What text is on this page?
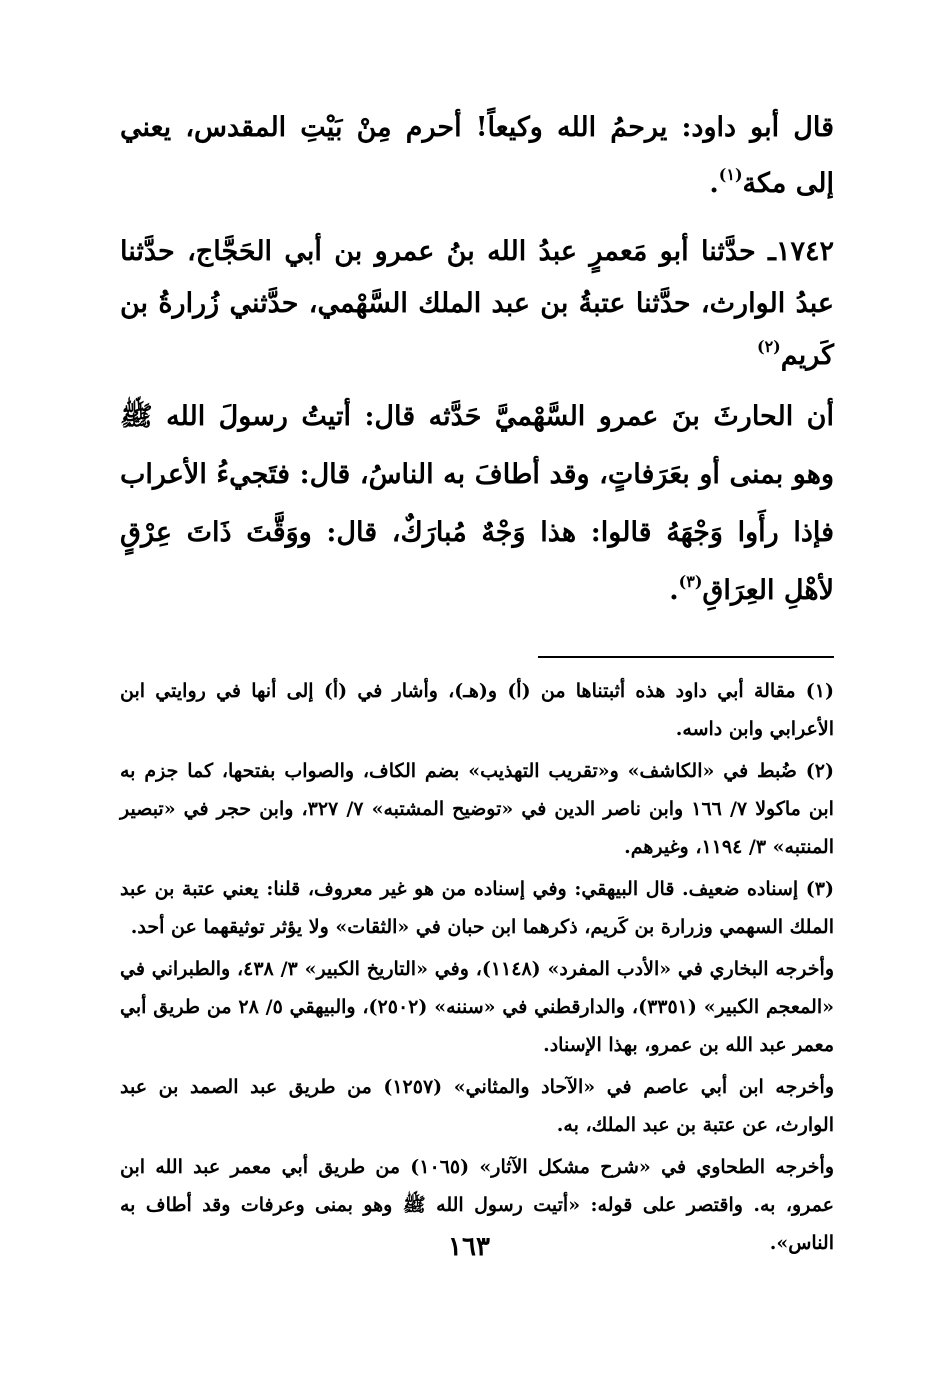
قال أبو داود: يرحمُ الله وكيعاً! أحرم مِنْ بَيْتِ المقدس، يعني إلى مكة$^{(١)}$.

١٧٤٢ـ حدَّثنا أبو مَعمرٍ عبدُ الله بنُ عمرو بن أبي الحَجَّاج، حدَّثنا عبدُ الوارث، حدَّثنا عتبةُ بن عبد الملك السَّهْمي، حدَّثني زُرارةُ بن كَريم$^{(٢)}$

أن الحارثَ بنَ عمرو السَّهْميَّ حَدَّثه قال: أتيتُ رسولَ الله ﷺ وهو بمنى أو بعَرَفاتٍ، وقد أطافَ به الناسُ، قال: فتَجيءُ الأعراب فإذا رأَوا وَجْهَهُ قالوا: هذا وَجْهٌ مُبارَكٌ، قال: ووَقَّتَ ذَاتَ عِرْقٍ لأهْلِ العِرَاقِ$^{(٣)}$.

(١) مقالة أبي داود هذه أثبتناها من (أ) و(هـ)، وأشار في (أ) إلى أنها في روايتي ابن الأعرابي وابن داسه.

(٢) ضُبط في «الكاشف» و«تقريب التهذيب» بضم الكاف، والصواب بفتحها، كما جزم به ابن ماكولا ٧/ ١٦٦ وابن ناصر الدين في «توضيح المشتبه» ٧/ ٣٢٧، وابن حجر في «تبصير المنتبه» ٣/ ١١٩٤، وغيرهم.

(٣) إسناده ضعيف. قال البيهقي: وفي إسناده من هو غير معروف، قلنا: يعني عتبة بن عبد الملك السهمي وزرارة بن كَريم، ذكرهما ابن حبان في «الثقات» ولا يؤثر توثيقهما عن أحد.

وأخرجه البخاري في «الأدب المفرد» (١١٤٨)، وفي «التاريخ الكبير» ٣/ ٤٣٨، والطبراني في «المعجم الكبير» (٣٣٥١)، والدارقطني في «سننه» (٢٥٠٢)، والبيهقي ٥/ ٢٨ من طريق أبي معمر عبد الله بن عمرو، بهذا الإسناد.

وأخرجه ابن أبي عاصم في «الآحاد والمثاني» (١٢٥٧) من طريق عبد الصمد بن عبد الوارث، عن عتبة بن عبد الملك، به.

وأخرجه الطحاوي في «شرح مشكل الآثار» (١٠٦٥) من طريق أبي معمر عبد الله ابن عمرو، به. واقتصر على قوله: «أتيت رسول الله ﷺ وهو بمنى وعرفات وقد أطاف به الناس».

١٦٣
